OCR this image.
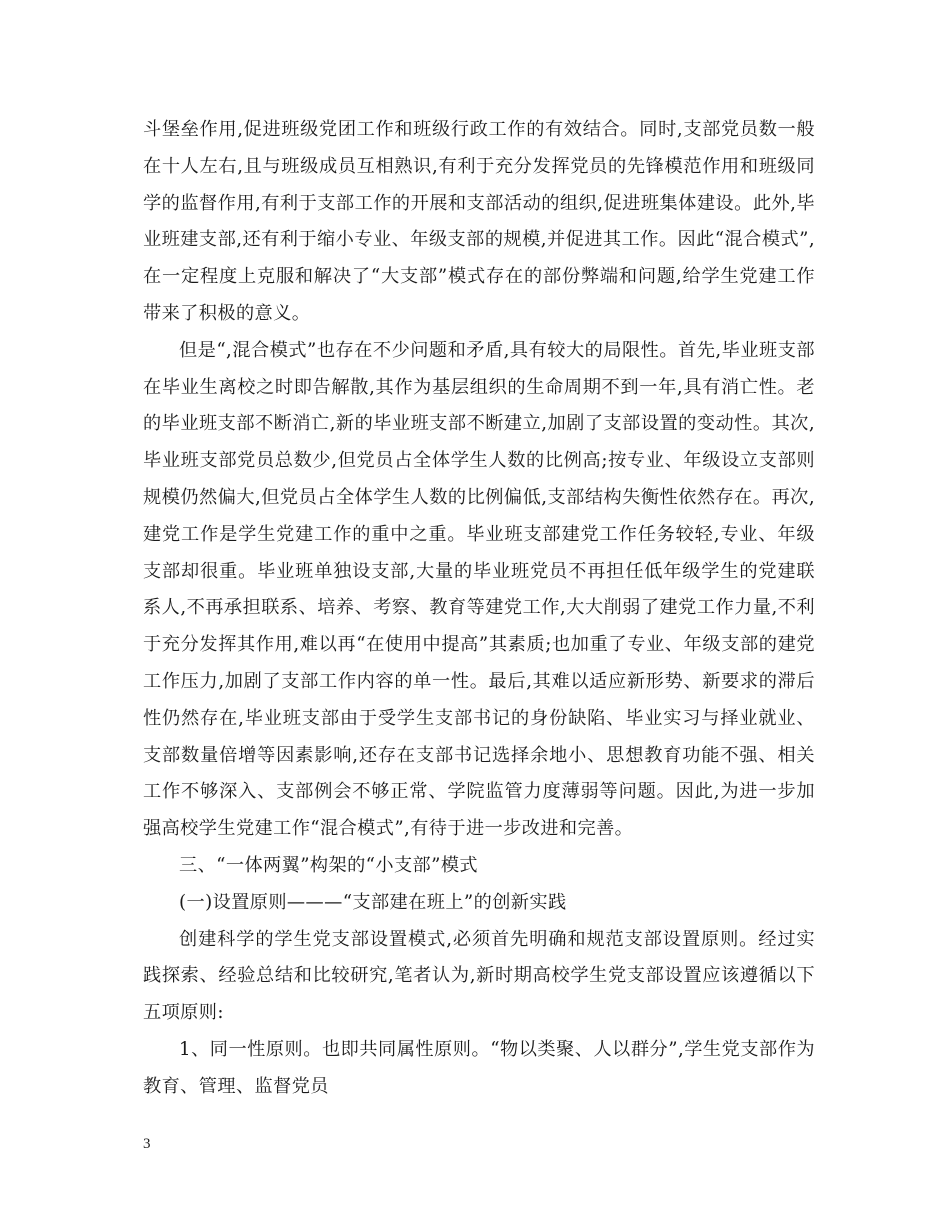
斗堡垒作用,促进班级党团工作和班级行政工作的有效结合。同时,支部党员数一般在十人左右,且与班级成员互相熟识,有利于充分发挥党员的先锋模范作用和班级同学的监督作用,有利于支部工作的开展和支部活动的组织,促进班集体建设。此外,毕业班建支部,还有利于缩小专业、年级支部的规模,并促进其工作。因此“混合模式”,在一定程度上克服和解决了“大支部”模式存在的部份弊端和问题,给学生党建工作带来了积极的意义。

但是“,混合模式”也存在不少问题和矛盾,具有较大的局限性。首先,毕业班支部在毕业生离校之时即告解散,其作为基层组织的生命周期不到一年,具有消亡性。老的毕业班支部不断消亡,新的毕业班支部不断建立,加剧了支部设置的变动性。其次,毕业班支部党员总数少,但党员占全体学生人数的比例高;按专业、年级设立支部则规模仍然偏大,但党员占全体学生人数的比例偏低,支部结构失衡性依然存在。再次,建党工作是学生党建工作的重中之重。毕业班支部建党工作任务较轻,专业、年级支部却很重。毕业班单独设支部,大量的毕业班党员不再担任低年级学生的党建联系人,不再承担联系、培养、考察、教育等建党工作,大大削弱了建党工作力量,不利于充分发挥其作用,难以再“在使用中提高”其素质;也加重了专业、年级支部的建党工作压力,加剧了支部工作内容的单一性。最后,其难以适应新形势、新要求的滞后性仍然存在,毕业班支部由于受学生支部书记的身份缺陷、毕业实习与择业就业、支部数量倍增等因素影响,还存在支部书记选择余地小、思想教育功能不强、相关工作不够深入、支部例会不够正常、学院监管力度薄弱等问题。因此,为进一步加强高校学生党建工作“混合模式”,有待于进一步改进和完善。

三、“一体两翼”构架的“小支部”模式

(一)设置原则———“支部建在班上”的创新实践

创建科学的学生党支部设置模式,必须首先明确和规范支部设置原则。经过实践探索、经验总结和比较研究,笔者认为,新时期高校学生党支部设置应该遵循以下五项原则:

1、同一性原则。也即共同属性原则。“物以类聚、人以群分”,学生党支部作为教育、管理、监督党员

3
